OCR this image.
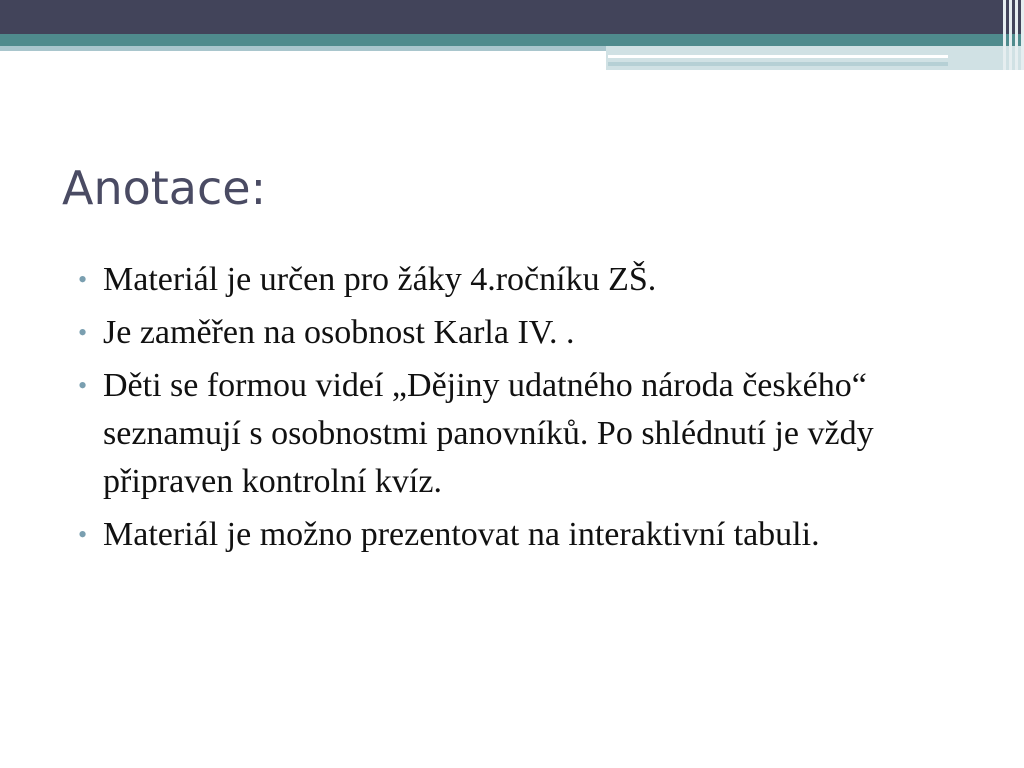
Anotace:
• Materiál je určen pro žáky 4.ročníku ZŠ.
• Je zaměřen na osobnost Karla IV. .
• Děti se formou videí „Dějiny udatného národa českého“ seznamují s osobnostmi panovníků. Po shlédnutí je vždy připraven kontrolní kvíz.
• Materiál je možno prezentovat na interaktivní tabuli.
